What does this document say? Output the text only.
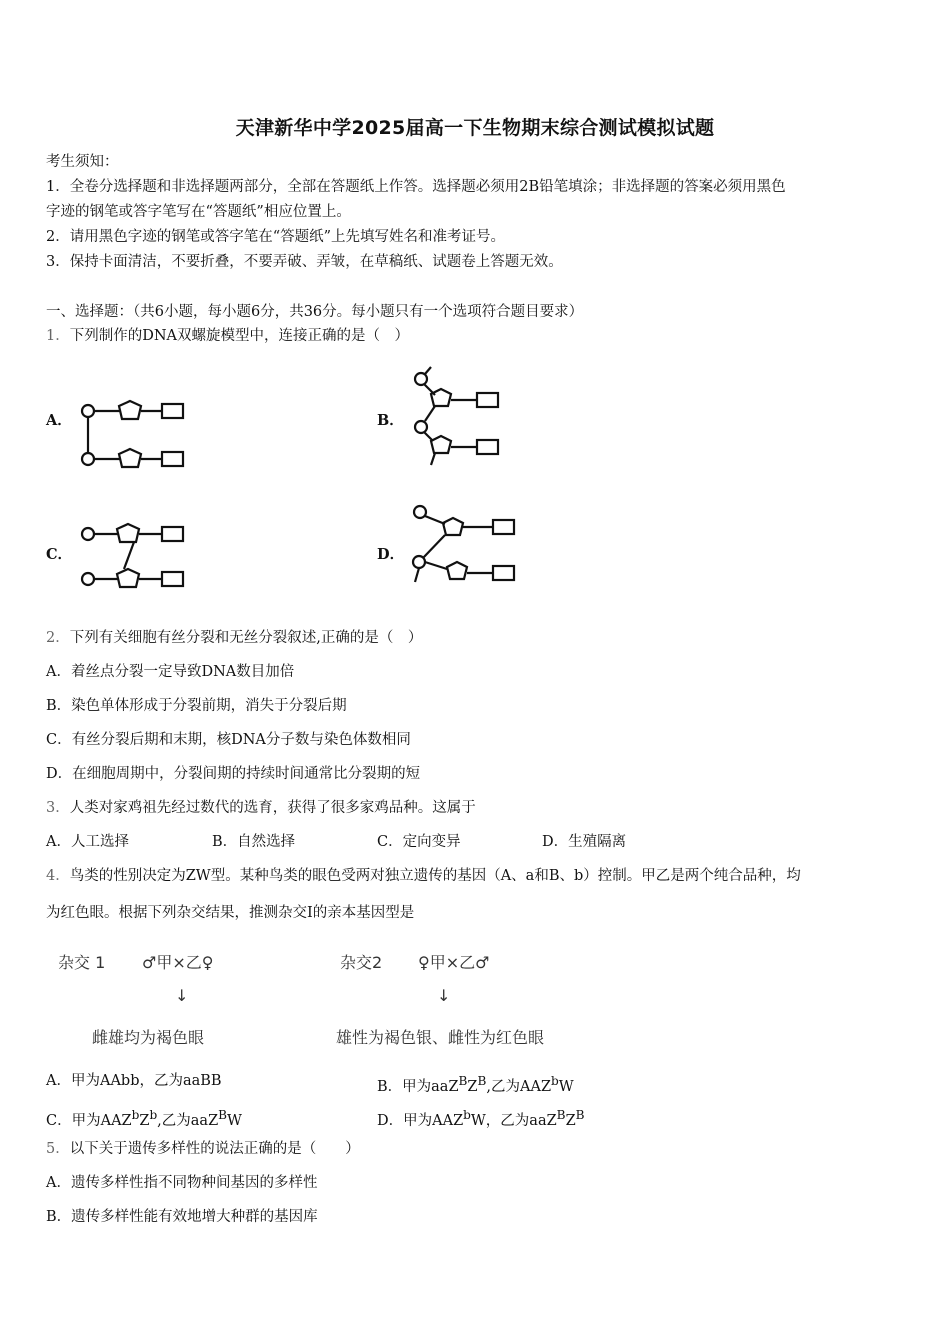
天津新华中学2025届高一下生物期末综合测试模拟试题
考生须知：
1．全卷分选择题和非选择题两部分，全部在答题纸上作答。选择题必须用2B铅笔填涂；非选择题的答案必须用黑色
字迹的钢笔或答字笔写在“答题纸”相应位置上。
2．请用黑色字迹的钢笔或答字笔在“答题纸”上先填写姓名和准考证号。
3．保持卡面清洁，不要折叠，不要弄破、弄皱，在草稿纸、试题卷上答题无效。
一、选择题：（共6小题，每小题6分，共36分。每小题只有一个选项符合题目要求）
1．下列制作的DNA双螺旋模型中，连接正确的是（　）
A．	B．
C．	D．
2．下列有关细胞有丝分裂和无丝分裂叙述,正确的是（　）
A．着丝点分裂一定导致DNA数目加倍
B．染色单体形成于分裂前期，消失于分裂后期
C．有丝分裂后期和末期，核DNA分子数与染色体数相同
D．在细胞周期中，分裂间期的持续时间通常比分裂期的短
3．人类对家鸡祖先经过数代的选育，获得了很多家鸡品种。这属于
A．人工选择	B．自然选择	C．定向变异	D．生殖隔离
4．鸟类的性别决定为ZW型。某种鸟类的眼色受两对独立遗传的基因（A、a和B、b）控制。甲乙是两个纯合品种，均
为红色眼。根据下列杂交结果，推测杂交I的亲本基因型是
杂交 1 ♂甲×乙♀
↓
雌雄均为褐色眼
杂交2 ♀甲×乙♂
↓
雄性为褐色银、雌性为红色眼
A．甲为AAbb，乙为aaBB	B．甲为$aaZ^BZ^B$,乙为AAZ$^b$W
C．甲为$AAZ^bZ^b$,乙为aaZ$^B$W	D．甲为AAZ$^b$W，乙为$aaZ^BZ^B$
5．以下关于遗传多样性的说法正确的是（　　）
A．遗传多样性指不同物种间基因的多样性
B．遗传多样性能有效地增大种群的基因库
